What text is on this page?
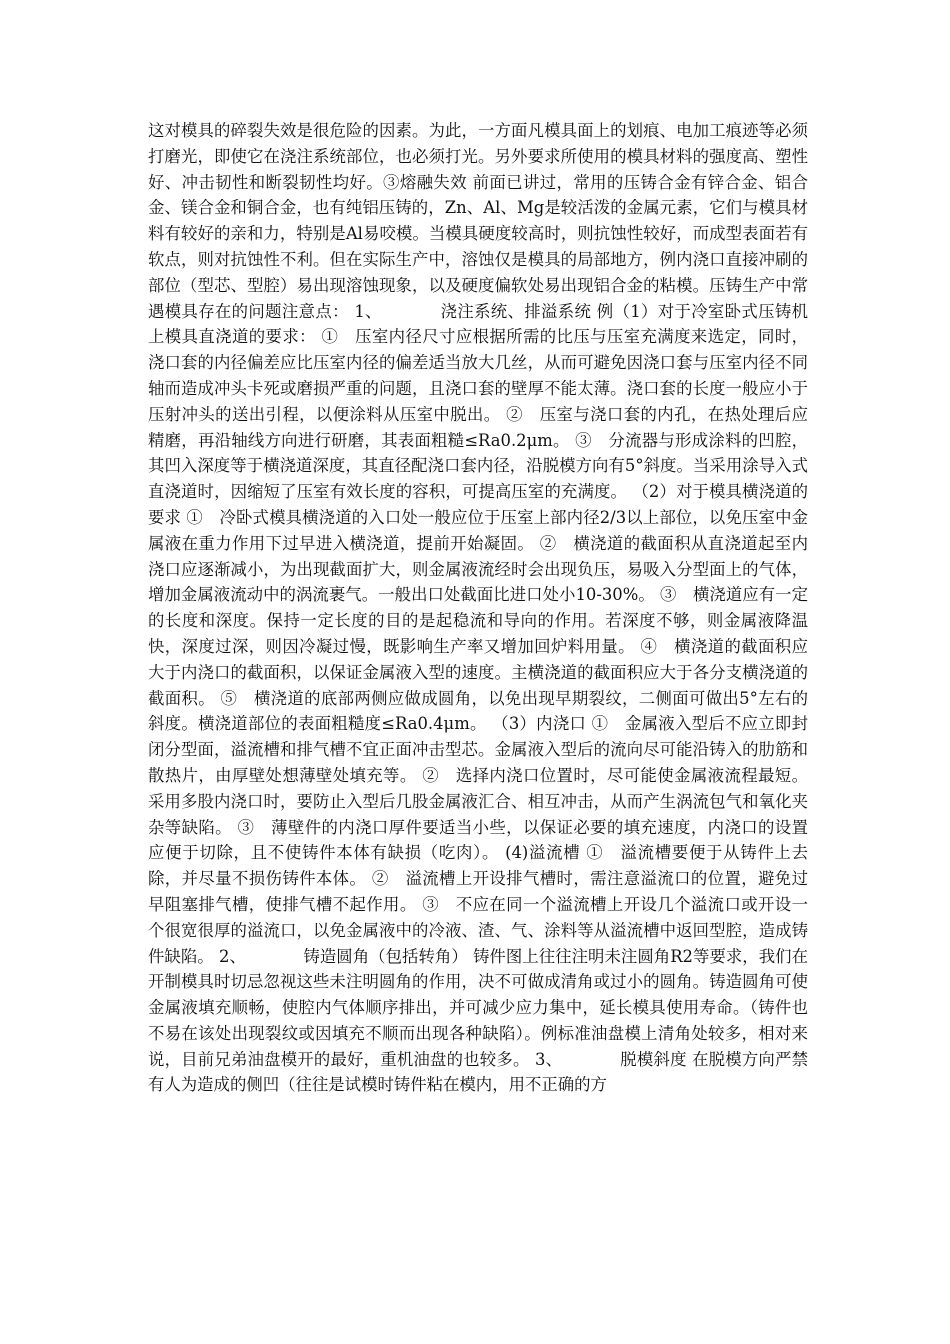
这对模具的碎裂失效是很危险的因素。为此，一方面凡模具面上的划痕、电加工痕迹等必须打磨光，即使它在浇注系统部位，也必须打光。另外要求所使用的模具材料的强度高、塑性好、冲击韧性和断裂韧性均好。③熔融失效 前面已讲过，常用的压铸合金有锌合金、铝合金、镁合金和铜合金，也有纯铝压铸的，Zn、Al、Mg是较活泼的金属元素，它们与模具材料有较好的亲和力，特别是Al易咬模。当模具硬度较高时，则抗蚀性较好，而成型表面若有软点，则对抗蚀性不利。但在实际生产中，溶蚀仅是模具的局部地方，例内浇口直接冲刷的部位（型芯、型腔）易出现溶蚀现象，以及硬度偏软处易出现铝合金的粘模。压铸生产中常遇模具存在的问题注意点： 1、　　　　浇注系统、排溢系统 例（1）对于冷室卧式压铸机上模具直浇道的要求： ①　压室内径尺寸应根据所需的比压与压室充满度来选定，同时，浇口套的内径偏差应比压室内径的偏差适当放大几丝，从而可避免因浇口套与压室内径不同轴而造成冲头卡死或磨损严重的问题，且浇口套的壁厚不能太薄。浇口套的长度一般应小于压射冲头的送出引程，以便涂料从压室中脱出。 ②　压室与浇口套的内孔，在热处理后应精磨，再沿轴线方向进行研磨，其表面粗糙≤Ra0.2μm。 ③　分流器与形成涂料的凹腔，其凹入深度等于横浇道深度，其直径配浇口套内径，沿脱模方向有5°斜度。当采用涂导入式直浇道时，因缩短了压室有效长度的容积，可提高压室的充满度。 （2）对于模具横浇道的要求 ①　冷卧式模具横浇道的入口处一般应位于压室上部内径2/3以上部位，以免压室中金属液在重力作用下过早进入横浇道，提前开始凝固。 ②　横浇道的截面积从直浇道起至内浇口应逐渐减小，为出现截面扩大，则金属液流经时会出现负压，易吸入分型面上的气体，增加金属液流动中的涡流裹气。一般出口处截面比进口处小10-30%。 ③　横浇道应有一定的长度和深度。保持一定长度的目的是起稳流和导向的作用。若深度不够，则金属液降温快，深度过深，则因冷凝过慢，既影响生产率又增加回炉料用量。 ④　横浇道的截面积应大于内浇口的截面积，以保证金属液入型的速度。主横浇道的截面积应大于各分支横浇道的截面积。 ⑤　横浇道的底部两侧应做成圆角，以免出现早期裂纹，二侧面可做出5°左右的斜度。横浇道部位的表面粗糙度≤Ra0.4μm。 （3）内浇口 ①　金属液入型后不应立即封闭分型面，溢流槽和排气槽不宜正面冲击型芯。金属液入型后的流向尽可能沿铸入的肋筋和散热片，由厚壁处想薄壁处填充等。 ②　选择内浇口位置时，尽可能使金属液流程最短。采用多股内浇口时，要防止入型后几股金属液汇合、相互冲击，从而产生涡流包气和氧化夹杂等缺陷。 ③　薄壁件的内浇口厚件要适当小些，以保证必要的填充速度，内浇口的设置应便于切除，且不使铸件本体有缺损（吃肉）。 (4)溢流槽 ①　溢流槽要便于从铸件上去除，并尽量不损伤铸件本体。 ②　溢流槽上开设排气槽时，需注意溢流口的位置，避免过早阻塞排气槽，使排气槽不起作用。 ③　不应在同一个溢流槽上开设几个溢流口或开设一个很宽很厚的溢流口，以免金属液中的冷液、渣、气、涂料等从溢流槽中返回型腔，造成铸件缺陷。 2、　　　　铸造圆角（包括转角） 铸件图上往往注明未注圆角R2等要求，我们在开制模具时切忌忽视这些未注明圆角的作用，决不可做成清角或过小的圆角。铸造圆角可使金属液填充顺畅，使腔内气体顺序排出，并可减少应力集中，延长模具使用寿命。（铸件也不易在该处出现裂纹或因填充不顺而出现各种缺陷）。例标准油盘模上清角处较多，相对来说，目前兄弟油盘模开的最好，重机油盘的也较多。 3、　　　　脱模斜度 在脱模方向严禁有人为造成的侧凹（往往是试模时铸件粘在模内，用不正确的方
